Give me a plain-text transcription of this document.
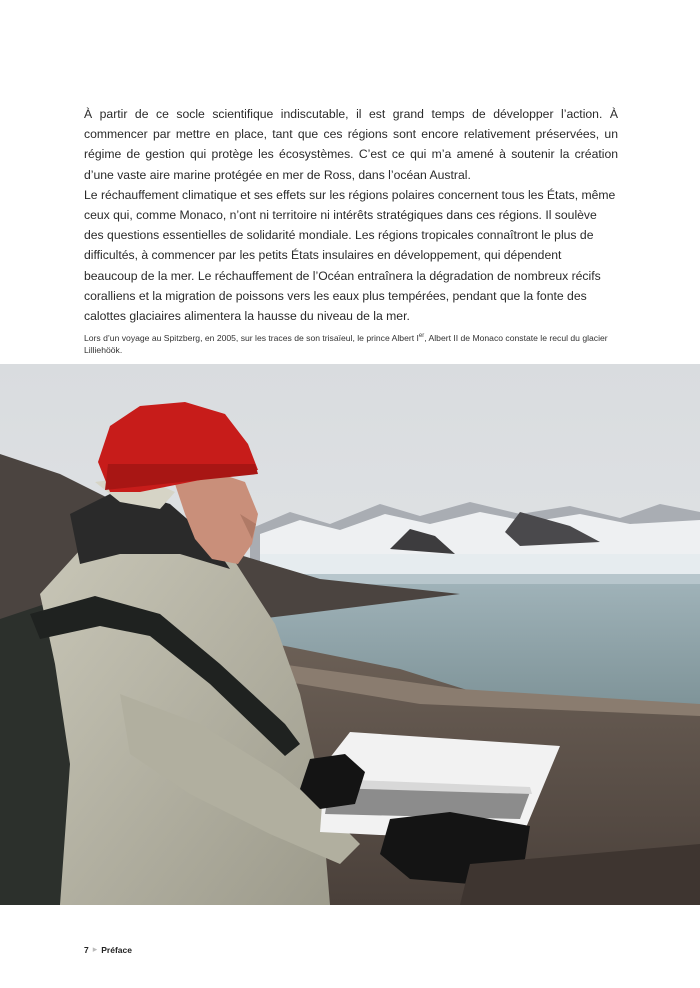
À partir de ce socle scientifique indiscutable, il est grand temps de développer l’action. À commencer par mettre en place, tant que ces régions sont encore relativement préservées, un régime de gestion qui protège les écosystèmes. C’est ce qui m’a amené à soutenir la création d’une vaste aire marine protégée en mer de Ross, dans l’océan Austral.

Le réchauffement climatique et ses effets sur les régions polaires concernent tous les États, même ceux qui, comme Monaco, n’ont ni territoire ni intérêts stratégiques dans ces régions. Il soulève des questions essentielles de solidarité mondiale. Les régions tropicales connaîtront le plus de difficultés, à commencer par les petits États insulaires en développement, qui dépendent beaucoup de la mer. Le réchauffement de l’Océan entraînera la dégradation de nombreux récifs coralliens et la migration de poissons vers les eaux plus tempérées, pendant que la fonte des calottes glaciaires alimentera la hausse du niveau de la mer.

Lors d’un voyage au Spitzberg, en 2005, sur les traces de son trisaïeul, le prince Albert Ier, Albert II de Monaco constate le recul du glacier Lilliehöök.
7 ▸ Préface
